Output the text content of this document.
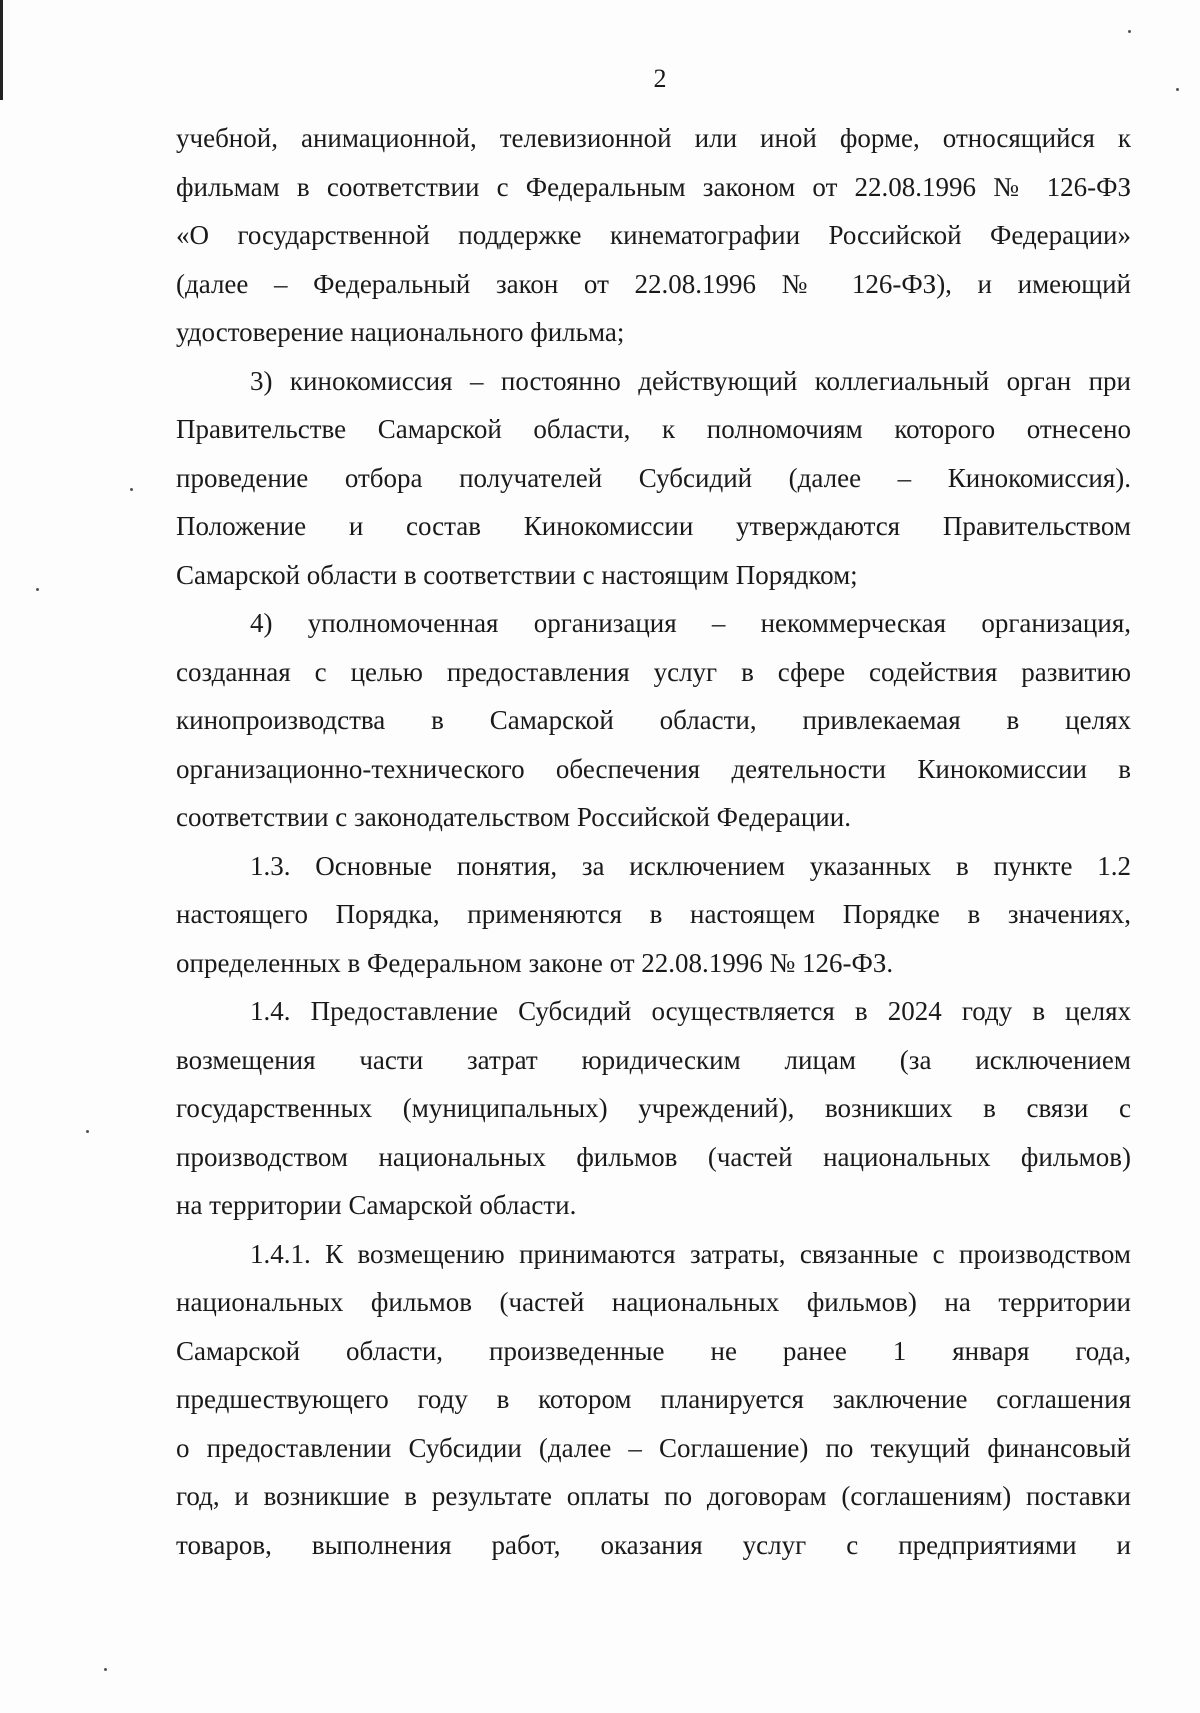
2

учебной, анимационной, телевизионной или иной форме, относящийся к
фильмам в соответствии с Федеральным законом от 22.08.1996 № 126-ФЗ
«О государственной поддержке кинематографии Российской Федерации»
(далее – Федеральный закон от 22.08.1996 № 126-ФЗ), и имеющий
удостоверение национального фильма;

3) кинокомиссия – постоянно действующий коллегиальный орган при
Правительстве Самарской области, к полномочиям которого отнесено
проведение отбора получателей Субсидий (далее – Кинокомиссия).
Положение и состав Кинокомиссии утверждаются Правительством
Самарской области в соответствии с настоящим Порядком;

4) уполномоченная организация – некоммерческая организация,
созданная с целью предоставления услуг в сфере содействия развитию
кинопроизводства в Самарской области, привлекаемая в целях
организационно-технического обеспечения деятельности Кинокомиссии в
соответствии с законодательством Российской Федерации.

1.3. Основные понятия, за исключением указанных в пункте 1.2
настоящего Порядка, применяются в настоящем Порядке в значениях,
определенных в Федеральном законе от 22.08.1996 № 126-ФЗ.

1.4. Предоставление Субсидий осуществляется в 2024 году в целях
возмещения части затрат юридическим лицам (за исключением
государственных (муниципальных) учреждений), возникших в связи с
производством национальных фильмов (частей национальных фильмов)
на территории Самарской области.

1.4.1. К возмещению принимаются затраты, связанные с производством
национальных фильмов (частей национальных фильмов) на территории
Самарской области, произведенные не ранее 1 января года,
предшествующего году в котором планируется заключение соглашения
о предоставлении Субсидии (далее – Соглашение) по текущий финансовый
год, и возникшие в результате оплаты по договорам (соглашениям) поставки
товаров, выполнения работ, оказания услуг с предприятиями и
